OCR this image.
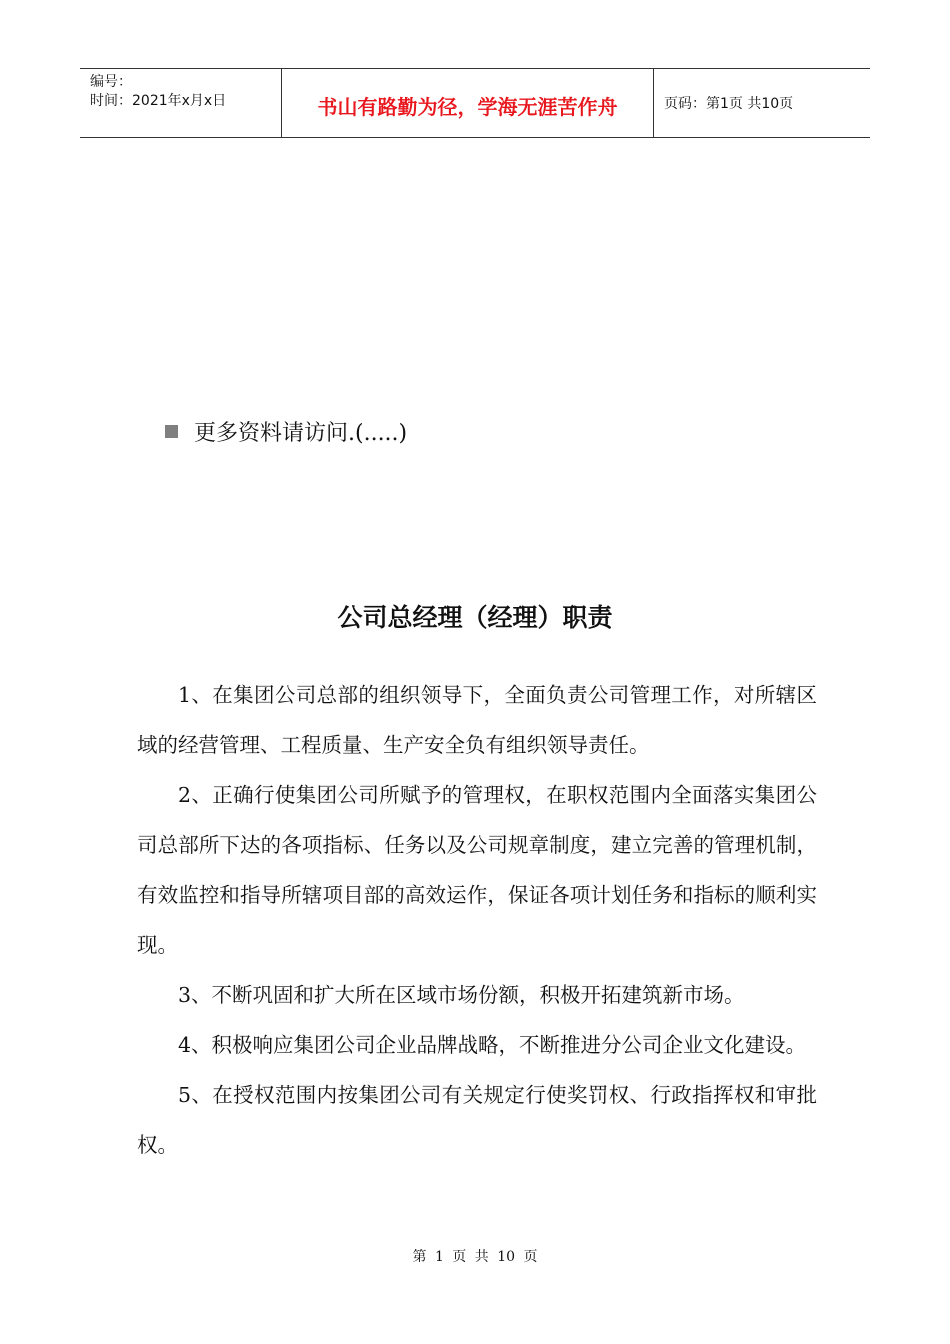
编号：
时间：2021年x月x日	书山有路勤为径，学海无涯苦作舟	页码：第1页 共10页
更多资料请访问.(.....)
公司总经理（经理）职责

1、在集团公司总部的组织领导下，全面负责公司管理工作，对所辖区域的经营管理、工程质量、生产安全负有组织领导责任。

2、正确行使集团公司所赋予的管理权，在职权范围内全面落实集团公司总部所下达的各项指标、任务以及公司规章制度，建立完善的管理机制，有效监控和指导所辖项目部的高效运作，保证各项计划任务和指标的顺利实现。

3、不断巩固和扩大所在区域市场份额，积极开拓建筑新市场。

4、积极响应集团公司企业品牌战略，不断推进分公司企业文化建设。

5、在授权范围内按集团公司有关规定行使奖罚权、行政指挥权和审批权。

第 1 页 共 10 页
